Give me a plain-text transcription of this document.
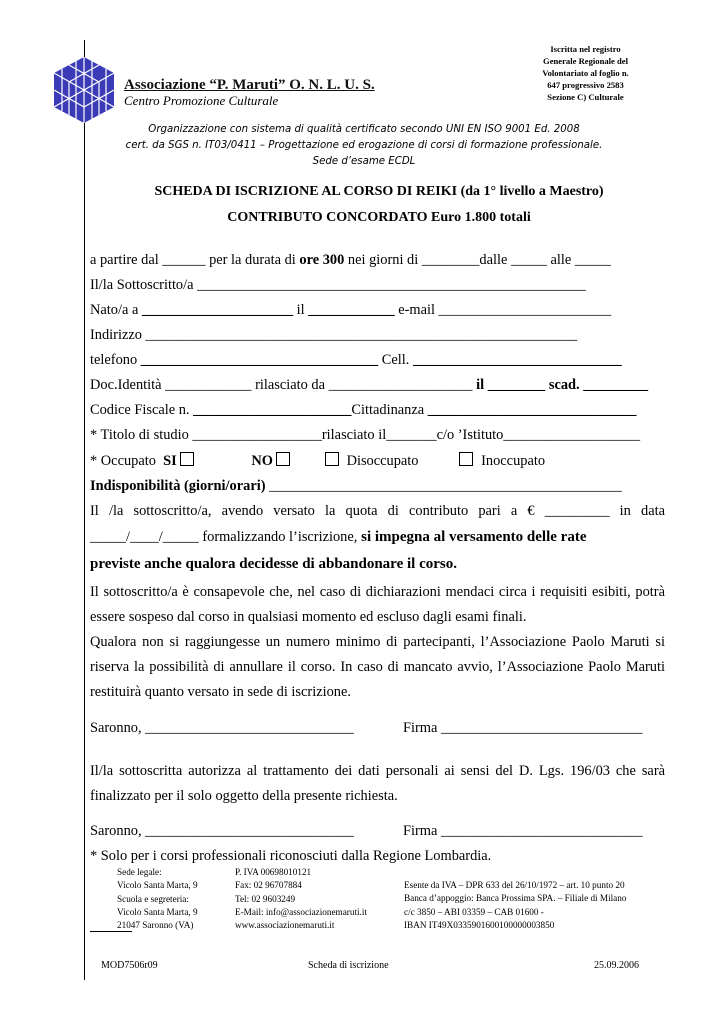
Iscritta nel registro
Generale Regionale del
Volontariato al foglio n.
647 progressivo 2583
Sezione C) Culturale
Associazione “P. Maruti” O. N. L. U. S.
Centro Promozione Culturale
Organizzazione con sistema di qualità certificato secondo UNI EN ISO 9001 Ed. 2008
cert. da SGS n. IT03/0411 – Progettazione ed erogazione di corsi di formazione professionale.
Sede d’esame ECDL
SCHEDA DI ISCRIZIONE AL CORSO DI REIKI (da 1° livello a Maestro)
CONTRIBUTO CONCORDATO Euro 1.800 totali
a partire dal ______ per la durata di ore 300 nei giorni di ________dalle _____ alle _____
Il/la Sottoscritto/a ______________________________________________________
Nato/a a _____________________ il ____________ e-mail ________________________
Indirizzo ____________________________________________________________
telefono _________________________________ Cell. _____________________________
Doc.Identità ____________ rilasciato da ____________________ il ________ scad. _________
Codice Fiscale n. ______________________Cittadinanza _____________________________
* Titolo di studio __________________rilasciato il_______c/o ’Istituto___________________
* Occupato SI	NO	Disoccupato	Inoccupato
Indisponibilità (giorni/orari) _________________________________________________
Il /la sottoscritto/a, avendo versato la quota di contributo pari a € _________ in data
_____/____/_____ formalizzando l’iscrizione, si impegna al versamento delle rate
previste anche qualora decidesse di abbandonare il corso.
Il sottoscritto/a è consapevole che, nel caso di dichiarazioni mendaci circa i requisiti esibiti, potrà
essere sospeso dal corso in qualsiasi momento ed escluso dagli esami finali.
Qualora non si raggiungesse un numero minimo di partecipanti, l’Associazione Paolo Maruti si
riserva la possibilità di annullare il corso. In caso di mancato avvio, l’Associazione Paolo Maruti
restituirà quanto versato in sede di iscrizione.
Saronno, _____________________________	Firma ____________________________
Il/la sottoscritta autorizza al trattamento dei dati personali ai sensi del D. Lgs. 196/03 che sarà
finalizzato per il solo oggetto della presente richiesta.
Saronno, _____________________________	Firma ____________________________
* Solo per i corsi professionali riconosciuti dalla Regione Lombardia.
Sede legale:
Vicolo Santa Marta, 9
Scuola e segreteria:
Vicolo Santa Marta, 9
21047 Saronno (VA)
P. IVA 00698010121
Fax: 02 96707884
Tel: 02 9603249
E-Mail: info@associazionemaruti.it
www.associazionemaruti.it
Esente da IVA – DPR 633 del 26/10/1972 – art. 10 punto 20
Banca d’appoggio: Banca Prossima SPA. – Filiale di Milano
c/c 3850 – ABI 03359 – CAB 01600 -
IBAN IT49X0335901600100000003850
MOD7506r09	Scheda di iscrizione	25.09.2006
